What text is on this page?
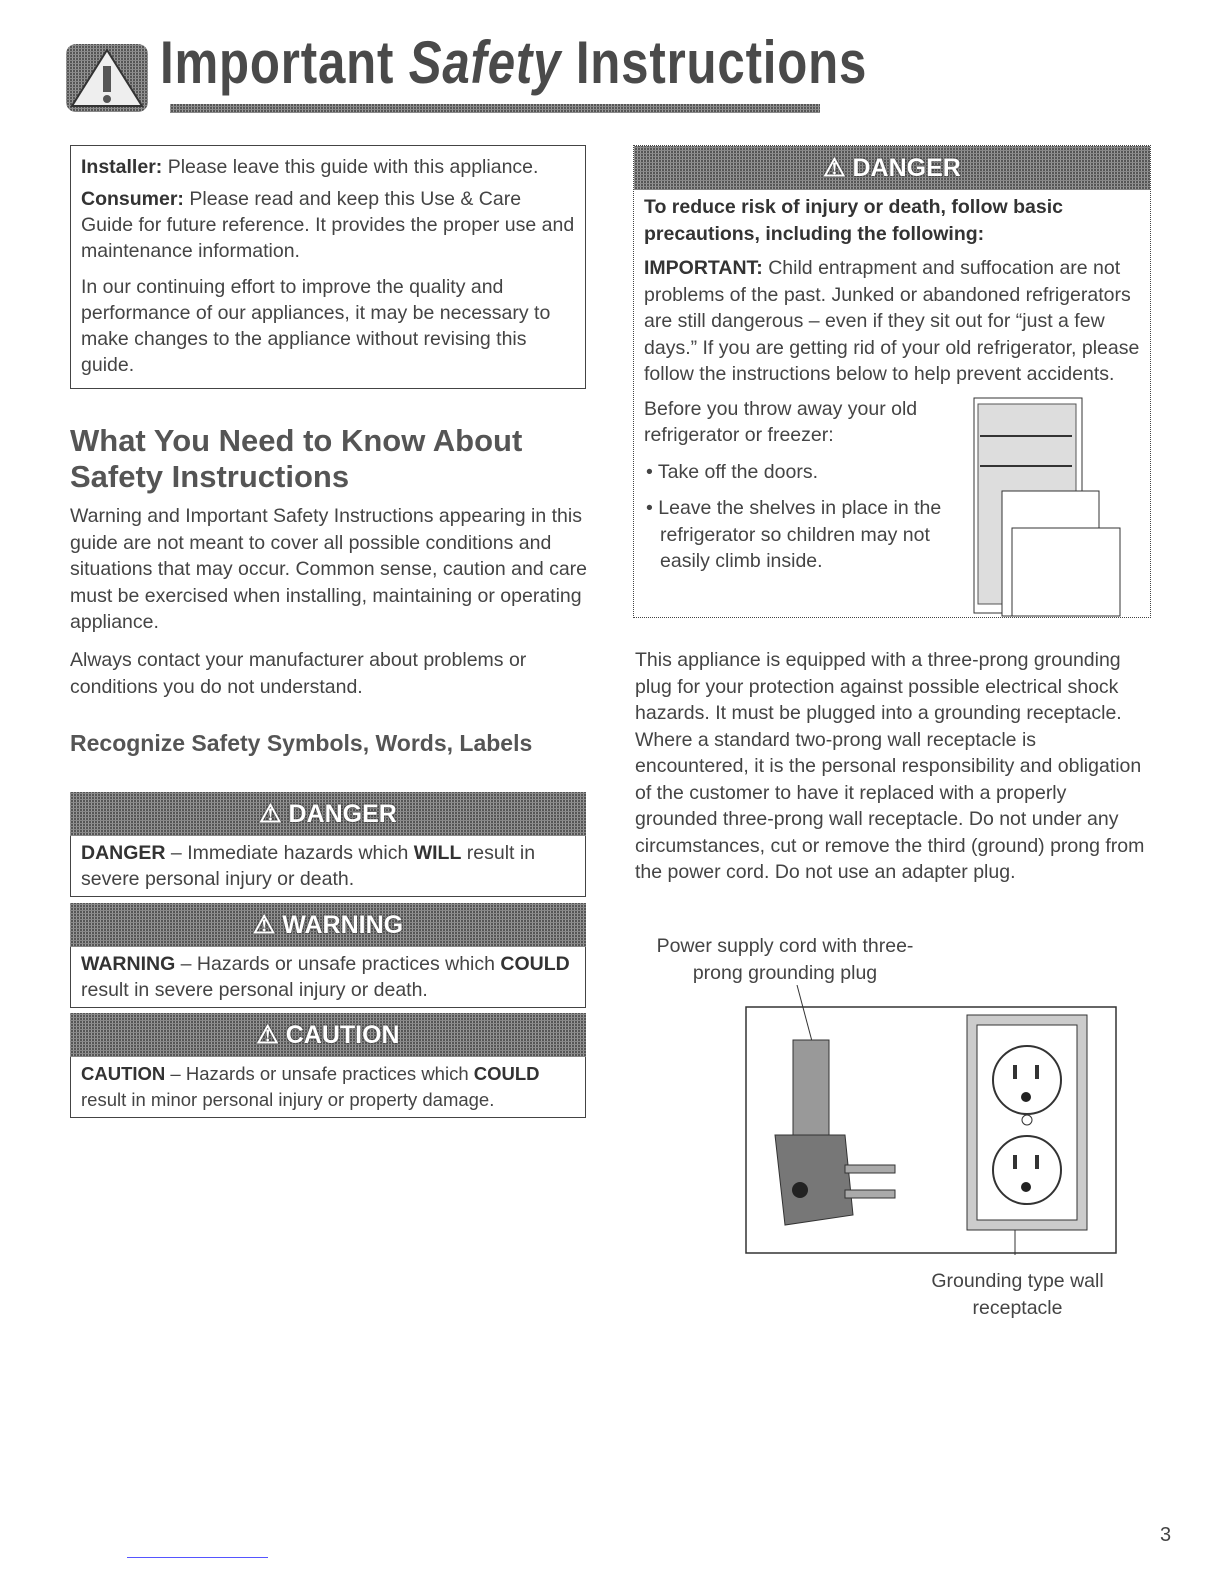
Important Safety Instructions

Installer: Please leave this guide with this appliance.

Consumer: Please read and keep this Use & Care Guide for future reference. It provides the proper use and maintenance information.

In our continuing effort to improve the quality and performance of our appliances, it may be necessary to make changes to the appliance without revising this guide.

What You Need to Know About Safety Instructions
Warning and Important Safety Instructions appearing in this guide are not meant to cover all possible conditions and situations that may occur. Common sense, caution and care must be exercised when installing, maintaining or operating appliance.
Always contact your manufacturer about problems or conditions you do not understand.
Recognize Safety Symbols, Words, Labels
⚠ DANGER
DANGER – Immediate hazards which WILL result in severe personal injury or death.
⚠ WARNING
WARNING – Hazards or unsafe practices which COULD result in severe personal injury or death.
⚠ CAUTION
CAUTION – Hazards or unsafe practices which COULD result in minor personal injury or property damage.
⚠ DANGER

To reduce risk of injury or death, follow basic precautions, including the following:

IMPORTANT: Child entrapment and suffocation are not problems of the past. Junked or abandoned refrigerators are still dangerous – even if they sit out for “just a few days.” If you are getting rid of your old refrigerator, please follow the instructions below to help prevent accidents.

Before you throw away your old refrigerator or freezer:

• Take off the doors.
• Leave the shelves in place in the refrigerator so children may not easily climb inside.
This appliance is equipped with a three-prong grounding plug for your protection against possible electrical shock hazards. It must be plugged into a grounding receptacle. Where a standard two-prong wall receptacle is encountered, it is the personal responsibility and obligation of the customer to have it replaced with a properly grounded three-prong wall receptacle. Do not under any circumstances, cut or remove the third (ground) prong from the power cord. Do not use an adapter plug.
Power supply cord with three-prong grounding plug
Grounding type wall receptacle
3
